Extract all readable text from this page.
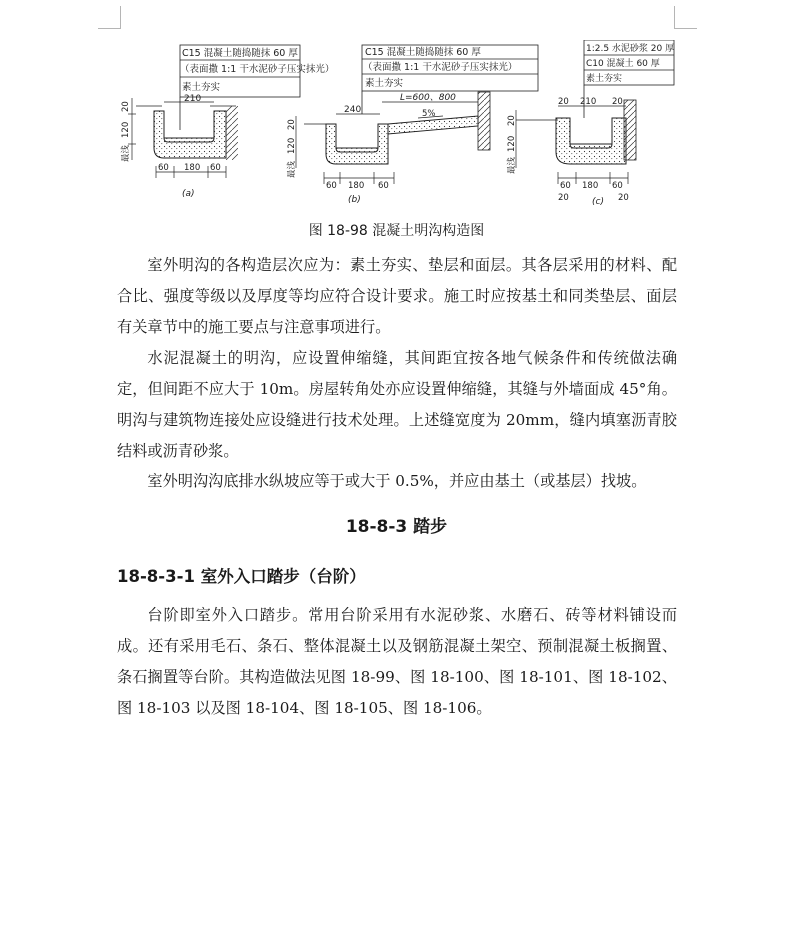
C15 混凝土随捣随抹 60 厚
（表面撒 1:1 干水泥砂子压实抹光）
素土夯实
210
60 180 60
(a)
20
120
最浅
C15 混凝土随捣随抹 60 厚
（表面撒 1:1 干水泥砂子压实抹光）
素土夯实
240
L=600、800
5%
60 180 60
(b)
20
120
最浅
1:2.5 水泥砂浆 20 厚
C10 混凝土 60 厚
素土夯实
20 210 20
60 180 60
20	20
(c)
20
120
最浅
图 18-98 混凝土明沟构造图

室外明沟的各构造层次应为：素土夯实、垫层和面层。其各层采用的材料、配合比、强度等级以及厚度等均应符合设计要求。施工时应按基土和同类垫层、面层有关章节中的施工要点与注意事项进行。

水泥混凝土的明沟，应设置伸缩缝，其间距宜按各地气候条件和传统做法确定，但间距不应大于 10m。房屋转角处亦应设置伸缩缝，其缝与外墙面成 45°角。明沟与建筑物连接处应设缝进行技术处理。上述缝宽度为 20mm，缝内填塞沥青胶结料或沥青砂浆。

室外明沟沟底排水纵坡应等于或大于 0.5%，并应由基土（或基层）找坡。

18-8-3 踏步
18-8-3-1 室外入口踏步（台阶）

台阶即室外入口踏步。常用台阶采用有水泥砂浆、水磨石、砖等材料铺设而成。还有采用毛石、条石、整体混凝土以及钢筋混凝土架空、预制混凝土板搁置、条石搁置等台阶。其构造做法见图 18-99、图 18-100、图 18-101、图 18-102、图 18-103 以及图 18-104、图 18-105、图 18-106。
